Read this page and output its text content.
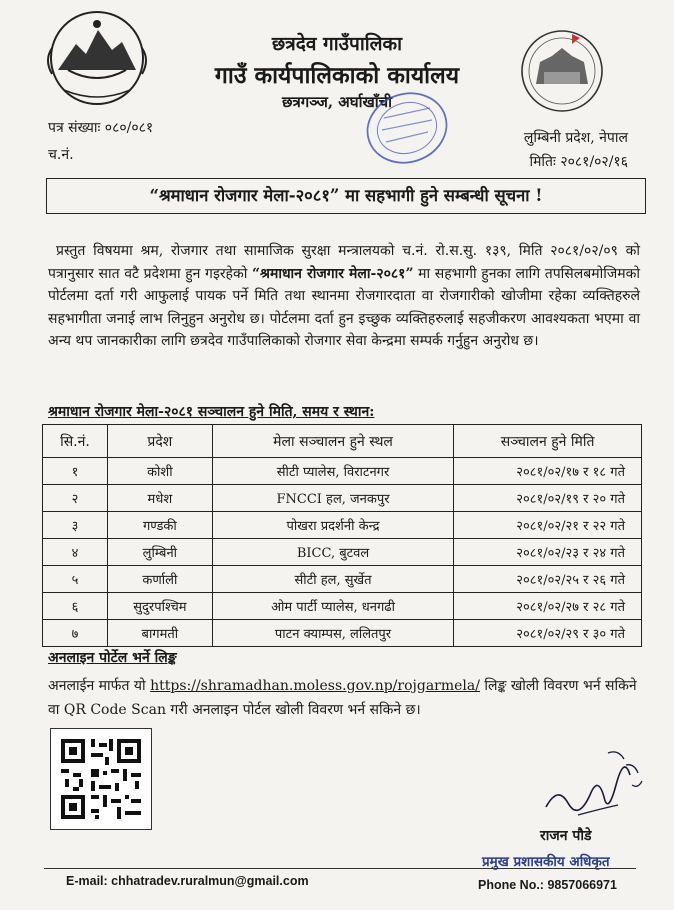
छत्रदेव गाउँपालिका
गाउँ कार्यपालिकाको कार्यालय
छत्रगञ्ज, अर्घाखाँची
पत्र संख्याः ०८०/०८१
च.नं.
लुम्बिनी प्रदेश, नेपाल
मितिः २०८१/०२/१६
“श्रमाधान रोजगार मेला-२०८१” मा सहभागी हुने सम्बन्धी सूचना !
प्रस्तुत विषयमा श्रम, रोजगार तथा सामाजिक सुरक्षा मन्त्रालयको च.नं. रो.स.सु. १३९, मिति २०८१/०२/०९ को पत्रानुसार सात वटै प्रदेशमा हुन गइरहेको “श्रमाधान रोजगार मेला-२०८१” मा सहभागी हुनका लागि तपसिलबमोजिमको पोर्टलमा दर्ता गरी आफुलाई पायक पर्ने मिति तथा स्थानमा रोजगारदाता वा रोजगारीको खोजीमा रहेका व्यक्तिहरुले सहभागीता जनाई लाभ लिनुहुन अनुरोध छ। पोर्टलमा दर्ता हुन इच्छुक व्यक्तिहरुलाई सहजीकरण आवश्यकता भएमा वा अन्य थप जानकारीका लागि छत्रदेव गाउँपालिकाको रोजगार सेवा केन्द्रमा सम्पर्क गर्नुहुन अनुरोध छ।
श्रमाधान रोजगार मेला-२०८१ सञ्चालन हुने मिति, समय र स्थान:
सि.नं.	प्रदेश	मेला सञ्चालन हुने स्थल	सञ्चालन हुने मिति
१	कोशी	सीटी प्यालेस, विराटनगर	२०८१/०२/१७ र १८ गते
२	मधेश	FNCCI हल, जनकपुर	२०८१/०२/१९ र २० गते
३	गण्डकी	पोखरा प्रदर्शनी केन्द्र	२०८१/०२/२१ र २२ गते
४	लुम्बिनी	BICC, बुटवल	२०८१/०२/२३ र २४ गते
५	कर्णाली	सीटी हल, सुर्खेत	२०८१/०२/२५ र २६ गते
६	सुदुरपश्चिम	ओम पार्टी प्यालेस, धनगढी	२०८१/०२/२७ र २८ गते
७	बागमती	पाटन क्याम्पस, ललितपुर	२०८१/०२/२९ र ३० गते
अनलाइन पोर्टेल भर्ने लिङ्क
अनलाईन मार्फत यो https://shramadhan.moless.gov.np/rojgarmela/ लिङ्क खोली विवरण भर्न सकिने वा QR Code Scan गरी अनलाइन पोर्टल खोली विवरण भर्न सकिने छ।
राजन पौडे
प्रमुख प्रशासकीय अधिकृत
E-mail: chhatradev.ruralmun@gmail.com	Phone No.: 9857066971
